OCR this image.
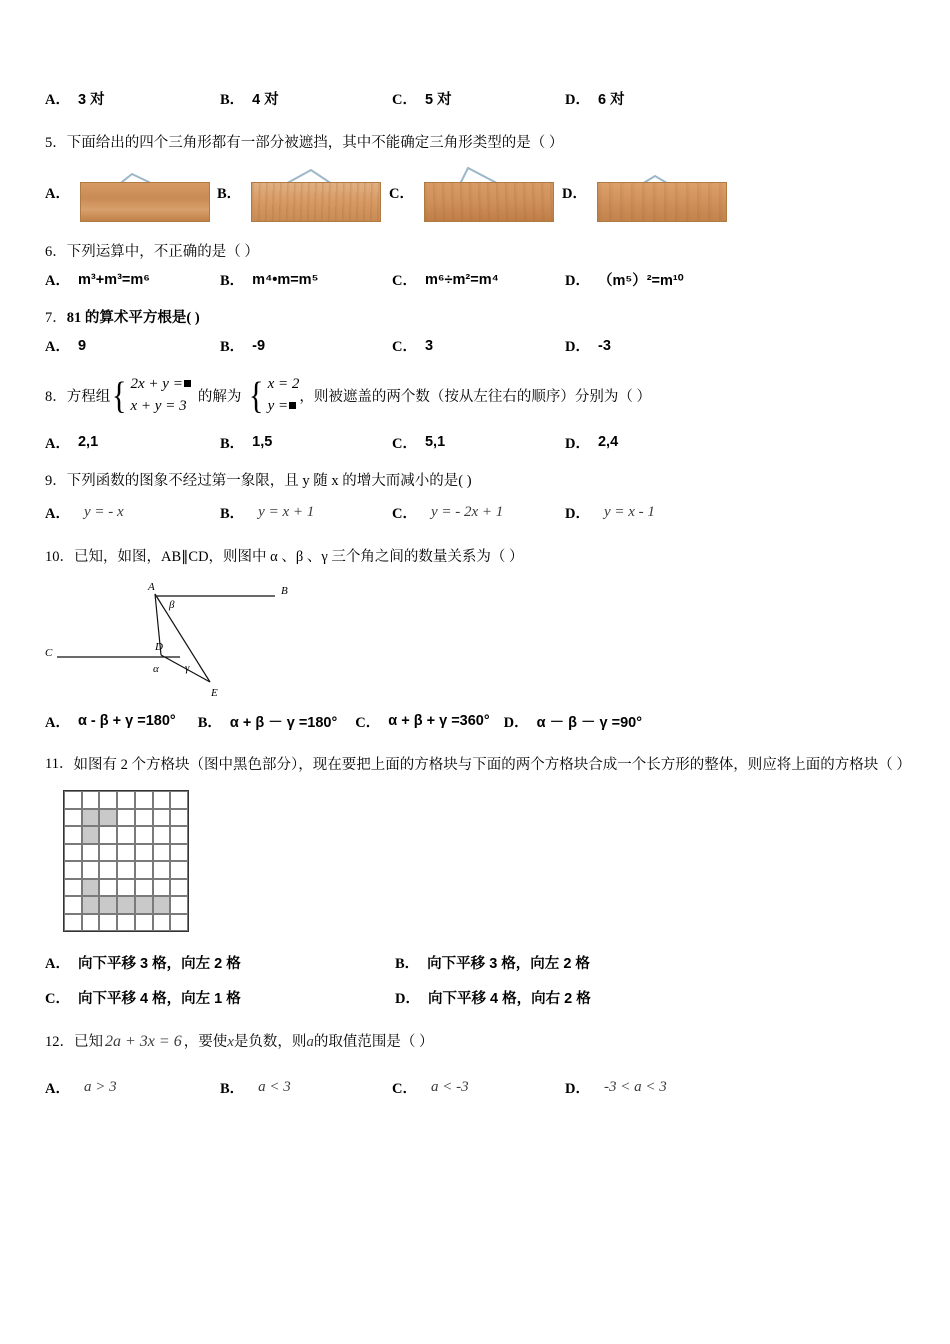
A． 3 对	B． 4 对	C． 5 对	D． 6 对
5． 下面给出的四个三角形都有一部分被遮挡，其中不能确定三角形类型的是（ ）
A．	B．	C．	D．
6． 下列运算中，不正确的是（ ）
A． m³+m³=m⁶	B． m⁴•m=m⁵	C． m⁶÷m²=m⁴	D． （m⁵）²=m¹⁰
7． 81 的算术平方根是( )
A． 9	B． -9	C． 3	D． -3
8． 方程组 { 2x + y =
x + y = 3
的解为 { x = 2
y =
，则被遮盖的两个数（按从左往右的顺序）分别为（ ）
A． 2,1	B． 1,5	C． 5,1	D． 2,4
9． 下列函数的图象不经过第一象限，且 y 随 x 的增大而减小的是( )
A． y = - x	B． y = x + 1	C． y = - 2x + 1	D． y = x - 1
10． 已知，如图，AB∥CD，则图中 α 、β 、γ 三个角之间的数量关系为（ ）
A	B
C	D
E
β
α γ
A． α - β + γ =180° B． α + β － γ =180° C． α + β + γ =360° D． α － β － γ =90°
11． 如图有 2 个方格块（图中黑色部分），现在要把上面的方格块与下面的两个方格块合成一个长方形的整体，则应将上面的方格块（ ）
A． 向下平移 3 格，向左 2 格	B． 向下平移 3 格，向左 2 格
C． 向下平移 4 格，向左 1 格	D． 向下平移 4 格，向右 2 格
12． 已知 2a + 3x = 6 ，要使 x 是负数，则 a 的取值范围是（ ）
A． a > 3	B． a < 3	C． a < -3	D． -3 < a < 3
